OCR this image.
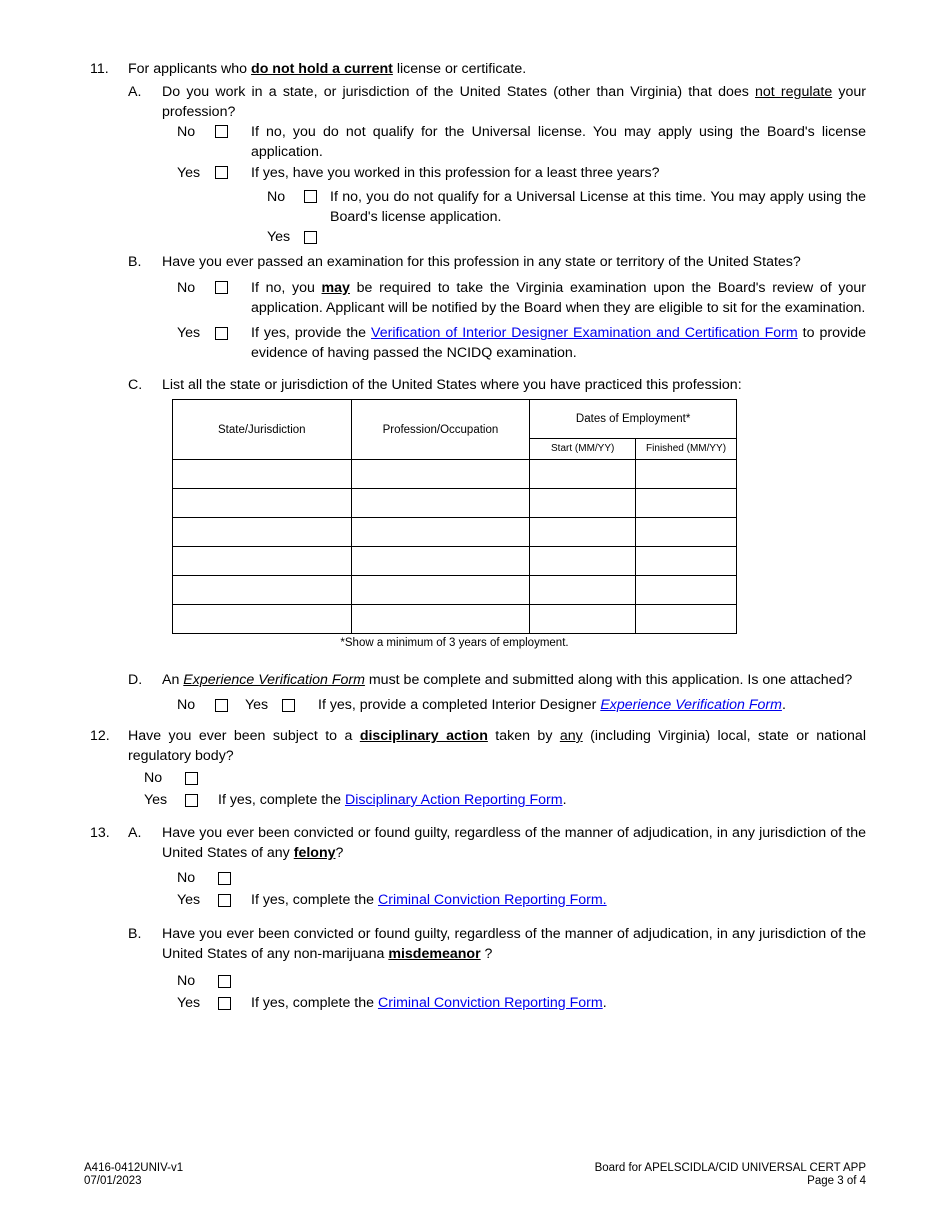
11. For applicants who do not hold a current license or certificate.
A. Do you work in a state, or jurisdiction of the United States (other than Virginia) that does not regulate your profession?
No	If no, you do not qualify for the Universal license. You may apply using the Board's license application.
Yes	If yes, have you worked in this profession for a least three years?
No	If no, you do not qualify for a Universal License at this time. You may apply using the Board's license application.
Yes
B. Have you ever passed an examination for this profession in any state or territory of the United States?
No	If no, you may be required to take the Virginia examination upon the Board's review of your application. Applicant will be notified by the Board when they are eligible to sit for the examination.
Yes	If yes, provide the Verification of Interior Designer Examination and Certification Form to provide evidence of having passed the NCIDQ examination.
C. List all the state or jurisdiction of the United States where you have practiced this profession:
State/Jurisdiction	Profession/Occupation	Dates of Employment*	
		Start (MM/YY)	Finished (MM/YY)

*Show a minimum of 3 years of employment.
D. An Experience Verification Form must be complete and submitted along with this application. Is one attached?
No	Yes	If yes, provide a completed Interior Designer Experience Verification Form.
12. Have you ever been subject to a disciplinary action taken by any (including Virginia) local, state or national regulatory body?
No
Yes	If yes, complete the Disciplinary Action Reporting Form.
13. A. Have you ever been convicted or found guilty, regardless of the manner of adjudication, in any jurisdiction of the United States of any felony?
No
Yes	If yes, complete the Criminal Conviction Reporting Form.
B. Have you ever been convicted or found guilty, regardless of the manner of adjudication, in any jurisdiction of the United States of any non-marijuana misdemeanor ?
No
Yes	If yes, complete the Criminal Conviction Reporting Form.
A416-0412UNIV-v1
07/01/2023
Board for APELSCIDLA/CID UNIVERSAL CERT APP
Page 3 of 4
